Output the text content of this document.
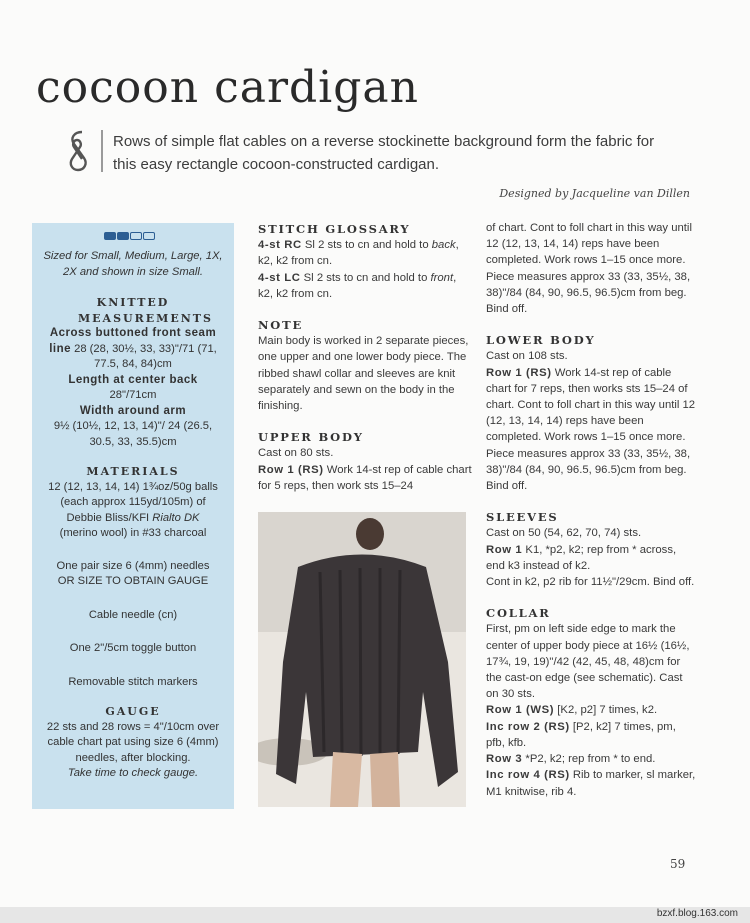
cocoon cardigan
Rows of simple flat cables on a reverse stockinette background form the fabric for this easy rectangle cocoon-constructed cardigan.
Designed by Jacqueline van Dillen
Sized for Small, Medium, Large, 1X, 2X and shown in size Small.
KNITTED MEASUREMENTS
Across buttoned front seam line 28 (28, 30½, 33, 33)"/71 (71, 77.5, 84, 84)cm
Length at center back
28"/71cm
Width around arm
9½ (10½, 12, 13, 14)"/ 24 (26.5, 30.5, 33, 35.5)cm
MATERIALS
12 (12, 13, 14, 14) 1¾oz/50g balls (each approx 115yd/105m) of Debbie Bliss/KFI Rialto DK (merino wool) in #33 charcoal
One pair size 6 (4mm) needles OR SIZE TO OBTAIN GAUGE
Cable needle (cn)
One 2"/5cm toggle button
Removable stitch markers
GAUGE
22 sts and 28 rows = 4"/10cm over cable chart pat using size 6 (4mm) needles, after blocking.
Take time to check gauge.
STITCH GLOSSARY
4-st RC Sl 2 sts to cn and hold to back, k2, k2 from cn.
4-st LC Sl 2 sts to cn and hold to front, k2, k2 from cn.
NOTE
Main body is worked in 2 separate pieces, one upper and one lower body piece. The ribbed shawl collar and sleeves are knit separately and sewn on the body in the finishing.
UPPER BODY
Cast on 80 sts.
Row 1 (RS) Work 14-st rep of cable chart for 5 reps, then work sts 15–24
of chart. Cont to foll chart in this way until 12 (12, 13, 14, 14) reps have been completed. Work rows 1–15 once more. Piece measures approx 33 (33, 35½, 38, 38)"/84 (84, 90, 96.5, 96.5)cm from beg. Bind off.
LOWER BODY
Cast on 108 sts.
Row 1 (RS) Work 14-st rep of cable chart for 7 reps, then works sts 15–24 of chart. Cont to foll chart in this way until 12 (12, 13, 14, 14) reps have been completed. Work rows 1–15 once more. Piece measures approx 33 (33, 35½, 38, 38)"/84 (84, 90, 96.5, 96.5)cm from beg. Bind off.
SLEEVES
Cast on 50 (54, 62, 70, 74) sts.
Row 1 K1, *p2, k2; rep from * across, end k3 instead of k2.
Cont in k2, p2 rib for 11½"/29cm. Bind off.
COLLAR
First, pm on left side edge to mark the center of upper body piece at 16½ (16½, 17¾, 19, 19)"/42 (42, 45, 48, 48)cm for the cast-on edge (see schematic). Cast on 30 sts.
Row 1 (WS) [K2, p2] 7 times, k2.
Inc row 2 (RS) [P2, k2] 7 times, pm, pfb, kfb.
Row 3 *P2, k2; rep from * to end.
Inc row 4 (RS) Rib to marker, sl marker, M1 knitwise, rib 4.
59
bzxf.blog.163.com
